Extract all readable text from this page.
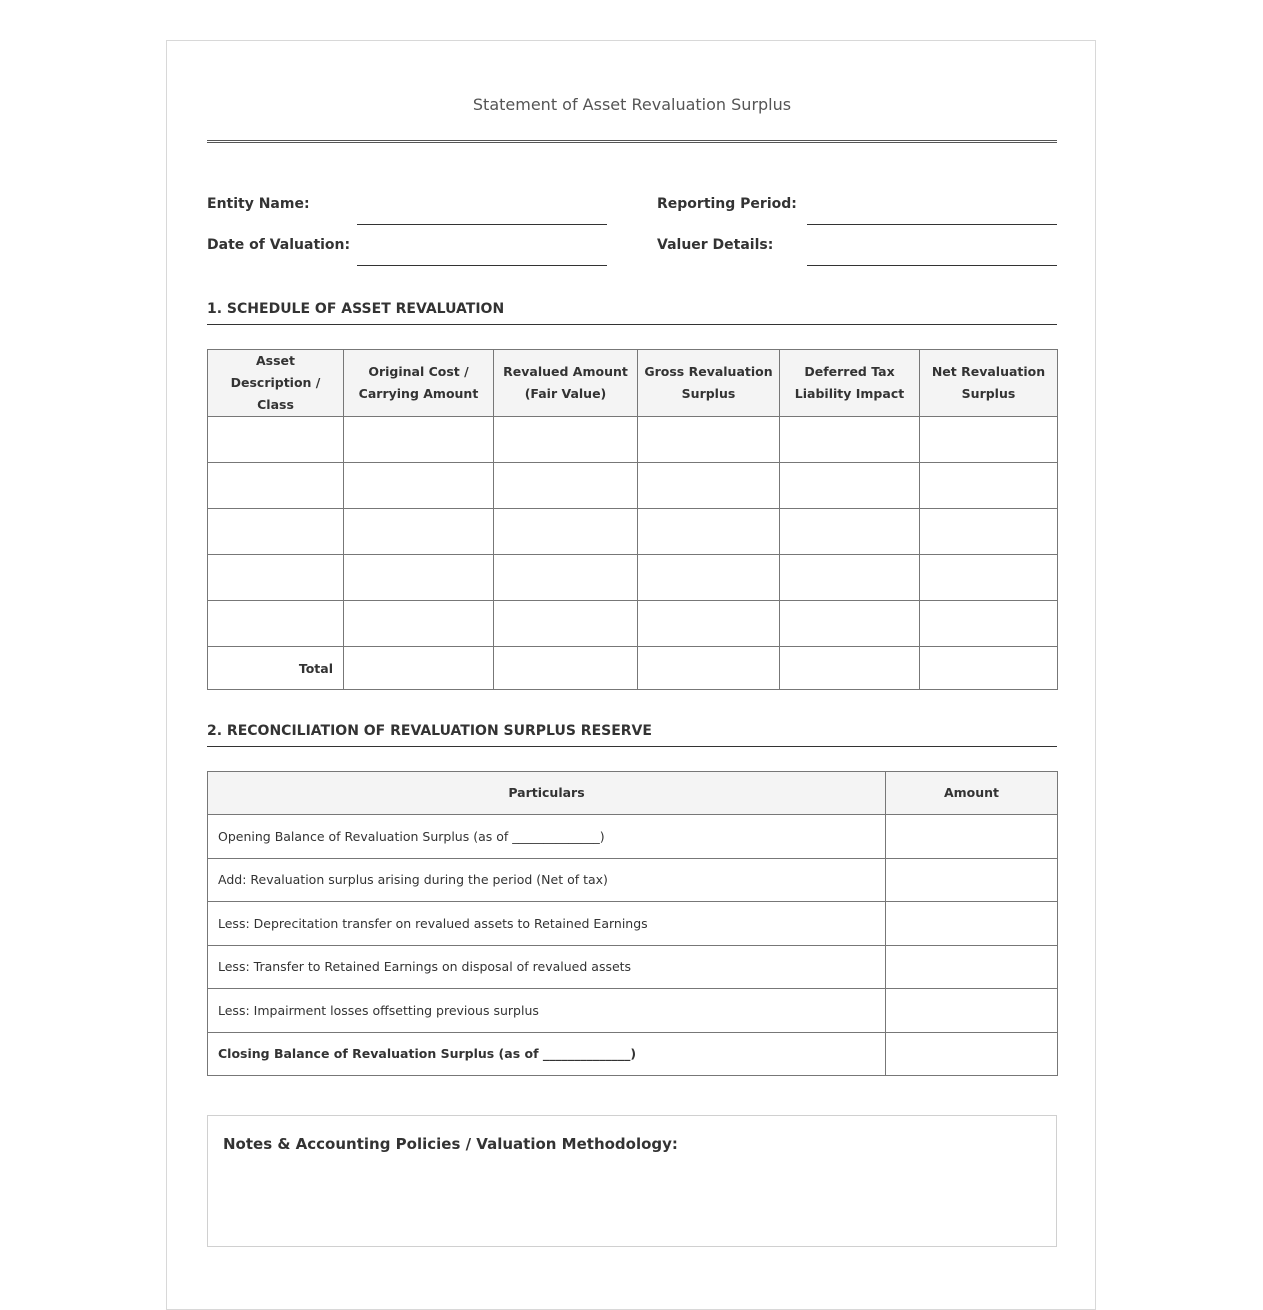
Statement of Asset Revaluation Surplus
Entity Name:	Reporting Period:
Date of Valuation:	Valuer Details:
1. SCHEDULE OF ASSET REVALUATION
Asset Description / Class	Original Cost / Carrying Amount	Revalued Amount (Fair Value)	Gross Revaluation Surplus	Deferred Tax Liability Impact	Net Revaluation Surplus

Total					
2. RECONCILIATION OF REVALUATION SURPLUS RESERVE
Particulars	Amount
Opening Balance of Revaluation Surplus (as of ______________)	
Add: Revaluation surplus arising during the period (Net of tax)	
Less: Deprecitation transfer on revalued assets to Retained Earnings	
Less: Transfer to Retained Earnings on disposal of revalued assets	
Less: Impairment losses offsetting previous surplus	
Closing Balance of Revaluation Surplus (as of ______________)	
Notes & Accounting Policies / Valuation Methodology:
